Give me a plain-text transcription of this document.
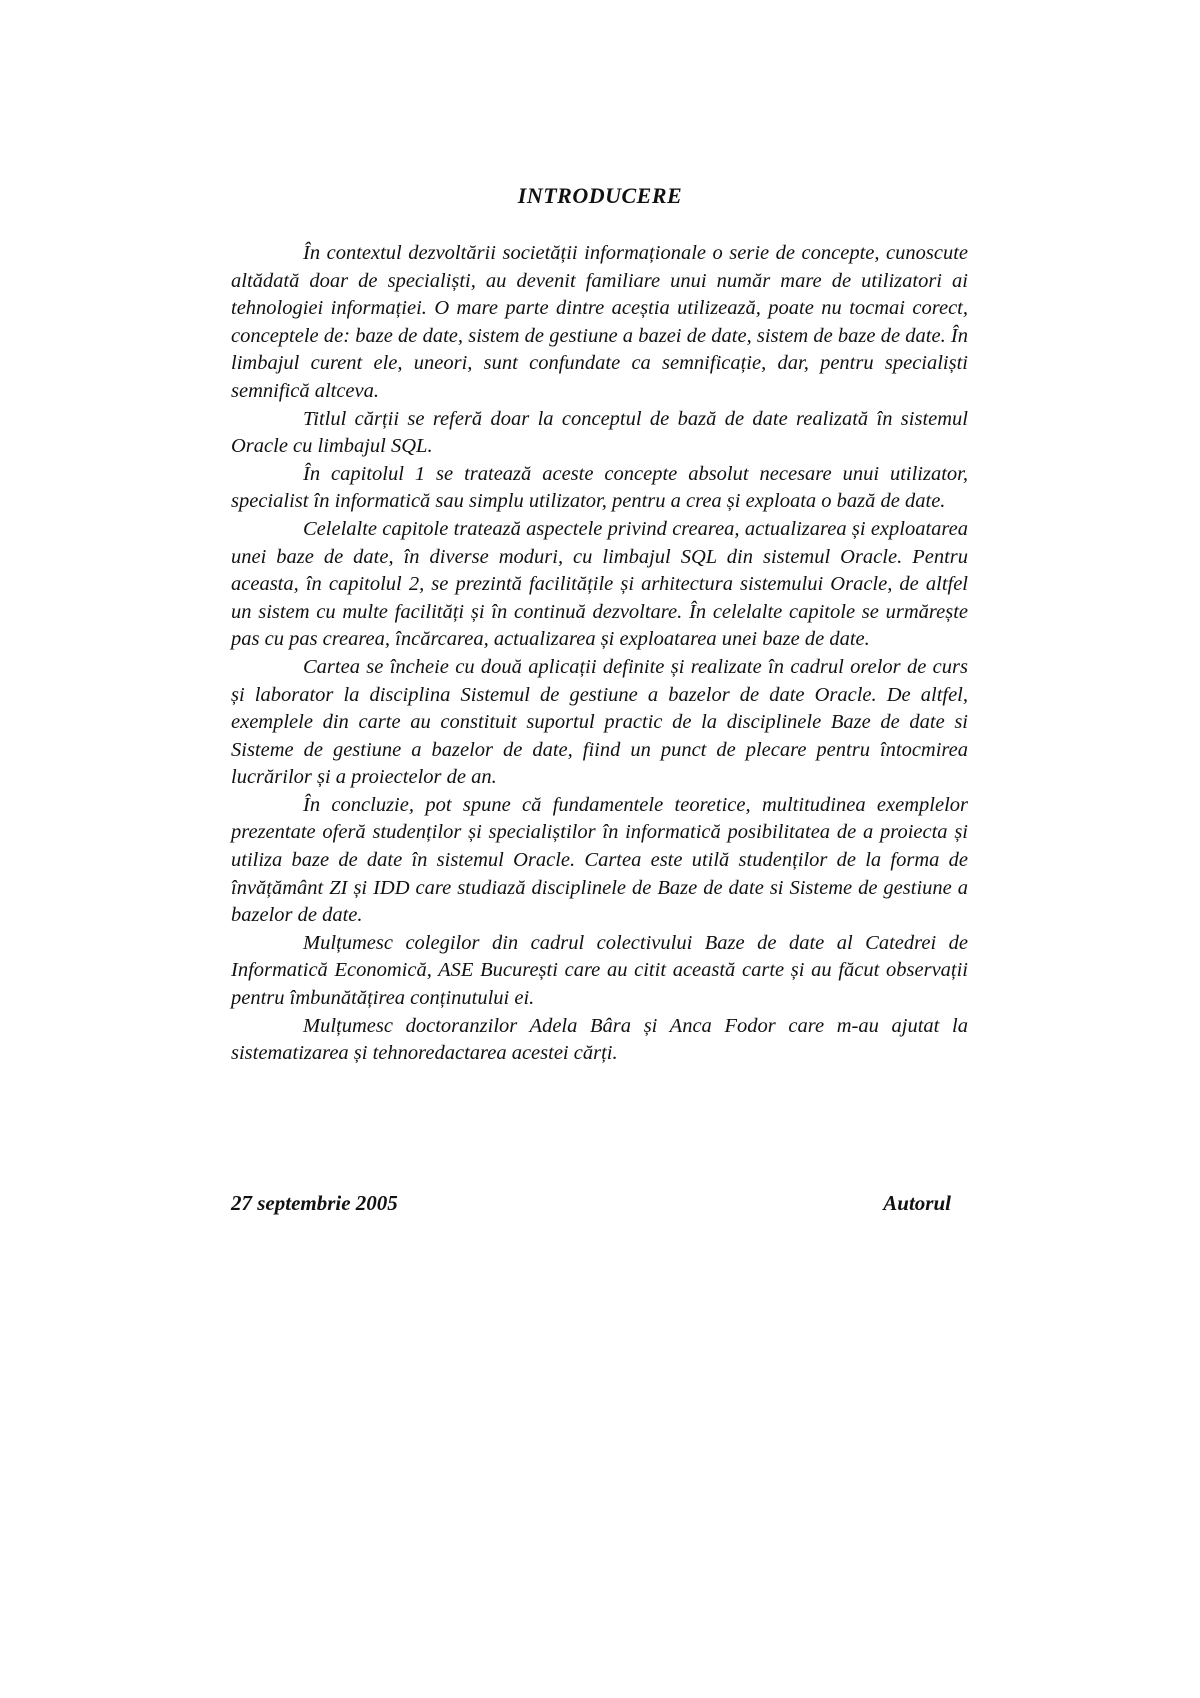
INTRODUCERE

În contextul dezvoltării societății informaționale o serie de concepte, cunoscute altădată doar de specialiști, au devenit familiare unui număr mare de utilizatori ai tehnologiei informației. O mare parte dintre aceștia utilizează, poate nu tocmai corect, conceptele de: baze de date, sistem de gestiune a bazei de date, sistem de baze de date. În limbajul curent ele, uneori, sunt confundate ca semnificație, dar, pentru specialiști semnifică altceva.

Titlul cărții se referă doar la conceptul de bază de date realizată în sistemul Oracle cu limbajul SQL.

În capitolul 1 se tratează aceste concepte absolut necesare unui utilizator, specialist în informatică sau simplu utilizator, pentru a crea și exploata o bază de date.

Celelalte capitole tratează aspectele privind crearea, actualizarea și exploatarea unei baze de date, în diverse moduri, cu limbajul SQL din sistemul Oracle. Pentru aceasta, în capitolul 2, se prezintă facilitățile și arhitectura sistemului Oracle, de altfel un sistem cu multe facilități și în continuă dezvoltare. În celelalte capitole se urmărește pas cu pas crearea, încărcarea, actualizarea și exploatarea unei baze de date.

Cartea se încheie cu două aplicații definite și realizate în cadrul orelor de curs și laborator la disciplina Sistemul de gestiune a bazelor de date Oracle. De altfel, exemplele din carte au constituit suportul practic de la disciplinele Baze de date si Sisteme de gestiune a bazelor de date, fiind un punct de plecare pentru întocmirea lucrărilor și a proiectelor de an.

În concluzie, pot spune că fundamentele teoretice, multitudinea exemplelor prezentate oferă studenților și specialiștilor în informatică posibilitatea de a proiecta și utiliza baze de date în sistemul Oracle. Cartea este utilă studenților de la forma de învățământ ZI și IDD care studiază disciplinele de Baze de date si Sisteme de gestiune a bazelor de date.

Mulțumesc colegilor din cadrul colectivului Baze de date al Catedrei de Informatică Economică, ASE București care au citit această carte și au făcut observații pentru îmbunătățirea conținutului ei.

Mulțumesc doctoranzilor Adela Bâra și Anca Fodor care m-au ajutat la sistematizarea și tehnoredactarea acestei cărți.

27 septembrie 2005	Autorul
